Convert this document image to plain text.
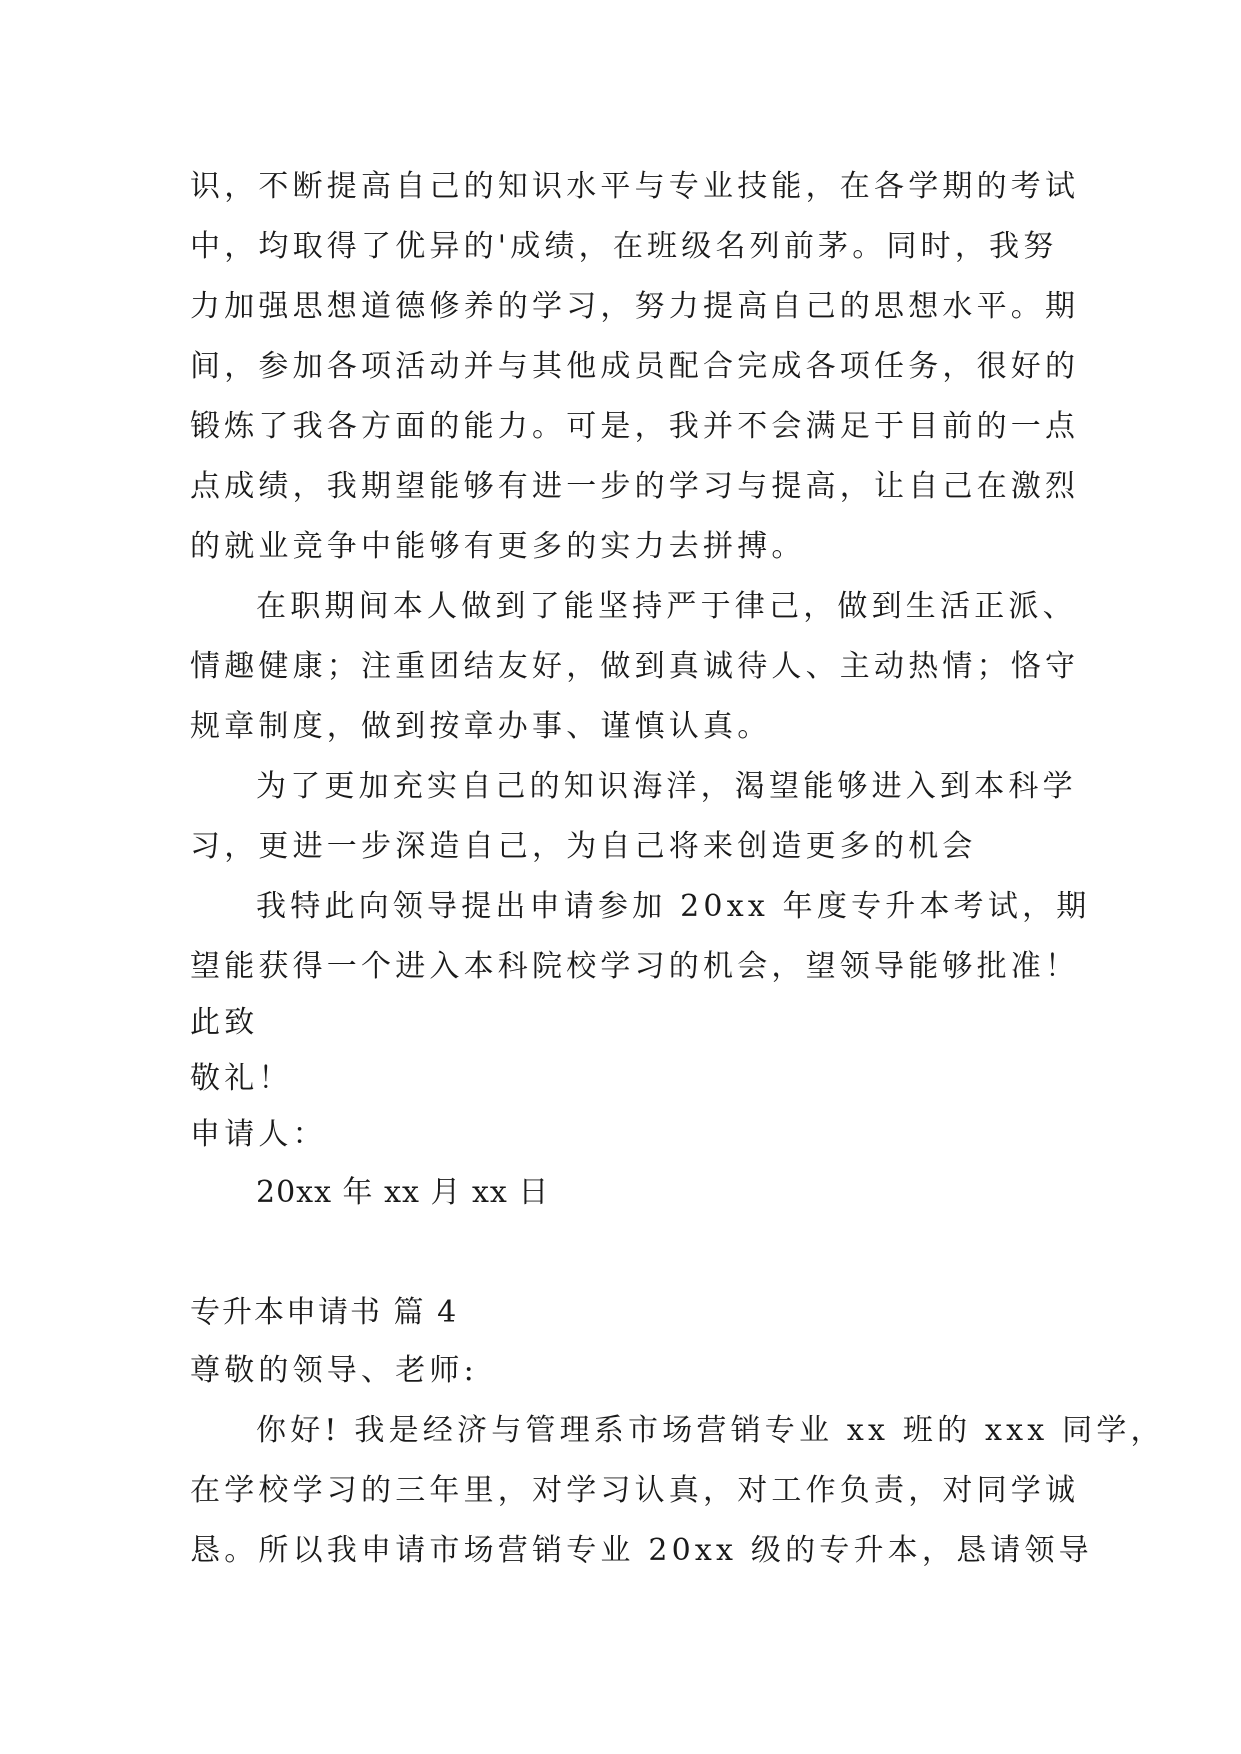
识，不断提高自己的知识水平与专业技能，在各学期的考试
中，均取得了优异的'成绩，在班级名列前茅。同时，我努
力加强思想道德修养的学习，努力提高自己的思想水平。期
间，参加各项活动并与其他成员配合完成各项任务，很好的
锻炼了我各方面的能力。可是，我并不会满足于目前的一点
点成绩，我期望能够有进一步的学习与提高，让自己在激烈
的就业竞争中能够有更多的实力去拼搏。
在职期间本人做到了能坚持严于律己，做到生活正派、
情趣健康；注重团结友好，做到真诚待人、主动热情；恪守
规章制度，做到按章办事、谨慎认真。
为了更加充实自己的知识海洋，渴望能够进入到本科学
习，更进一步深造自己，为自己将来创造更多的机会
我特此向领导提出申请参加 20xx 年度专升本考试，期
望能获得一个进入本科院校学习的机会，望领导能够批准！
此致
敬礼！
申请人：
20xx 年 xx 月 xx 日
专升本申请书 篇 4
尊敬的领导、老师:
你好! 我是经济与管理系市场营销专业 xx 班的 xxx 同学，
在学校学习的三年里，对学习认真，对工作负责，对同学诚
恳。所以我申请市场营销专业 20xx 级的专升本，恳请领导
